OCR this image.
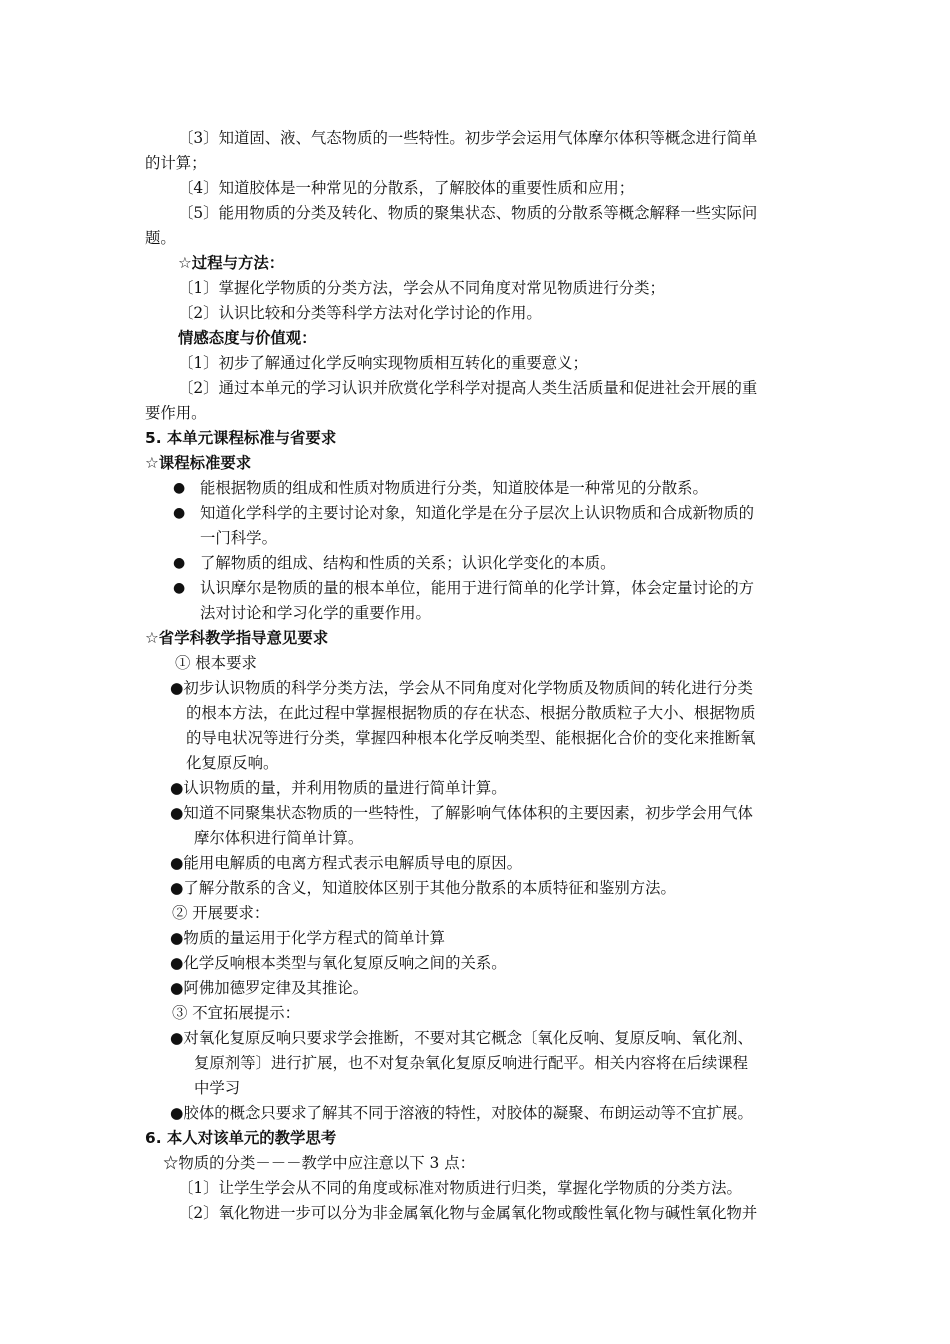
〔3〕知道固、液、气态物质的一些特性。初步学会运用气体摩尔体积等概念进行简单
的计算；
〔4〕知道胶体是一种常见的分散系，了解胶体的重要性质和应用；
〔5〕能用物质的分类及转化、物质的聚集状态、物质的分散系等概念解释一些实际问
题。
☆过程与方法：
〔1〕掌握化学物质的分类方法，学会从不同角度对常见物质进行分类；
〔2〕认识比较和分类等科学方法对化学讨论的作用。
情感态度与价值观：
〔1〕初步了解通过化学反响实现物质相互转化的重要意义；
〔2〕通过本单元的学习认识并欣赏化学科学对提高人类生活质量和促进社会开展的重
要作用。
5. 本单元课程标准与省要求
☆课程标准要求
● 能根据物质的组成和性质对物质进行分类，知道胶体是一种常见的分散系。
● 知道化学科学的主要讨论对象，知道化学是在分子层次上认识物质和合成新物质的
一门科学。
● 了解物质的组成、结构和性质的关系；认识化学变化的本质。
● 认识摩尔是物质的量的根本单位，能用于进行简单的化学计算，体会定量讨论的方
法对讨论和学习化学的重要作用。
☆省学科教学指导意见要求
① 根本要求
●初步认识物质的科学分类方法，学会从不同角度对化学物质及物质间的转化进行分类
的根本方法，在此过程中掌握根据物质的存在状态、根据分散质粒子大小、根据物质
的导电状况等进行分类，掌握四种根本化学反响类型、能根据化合价的变化来推断氧
化复原反响。
●认识物质的量，并利用物质的量进行简单计算。
●知道不同聚集状态物质的一些特性，了解影响气体体积的主要因素，初步学会用气体
摩尔体积进行简单计算。
●能用电解质的电离方程式表示电解质导电的原因。
●了解分散系的含义，知道胶体区别于其他分散系的本质特征和鉴别方法。
② 开展要求：
●物质的量运用于化学方程式的简单计算
●化学反响根本类型与氧化复原反响之间的关系。
●阿佛加德罗定律及其推论。
③ 不宜拓展提示：
●对氧化复原反响只要求学会推断，不要对其它概念〔氧化反响、复原反响、氧化剂、
复原剂等〕进行扩展，也不对复杂氧化复原反响进行配平。相关内容将在后续课程
中学习
●胶体的概念只要求了解其不同于溶液的特性，对胶体的凝聚、布朗运动等不宜扩展。
6. 本人对该单元的教学思考
☆物质的分类－－－教学中应注意以下 3 点：
〔1〕让学生学会从不同的角度或标准对物质进行归类，掌握化学物质的分类方法。
〔2〕氧化物进一步可以分为非金属氧化物与金属氧化物或酸性氧化物与碱性氧化物并
